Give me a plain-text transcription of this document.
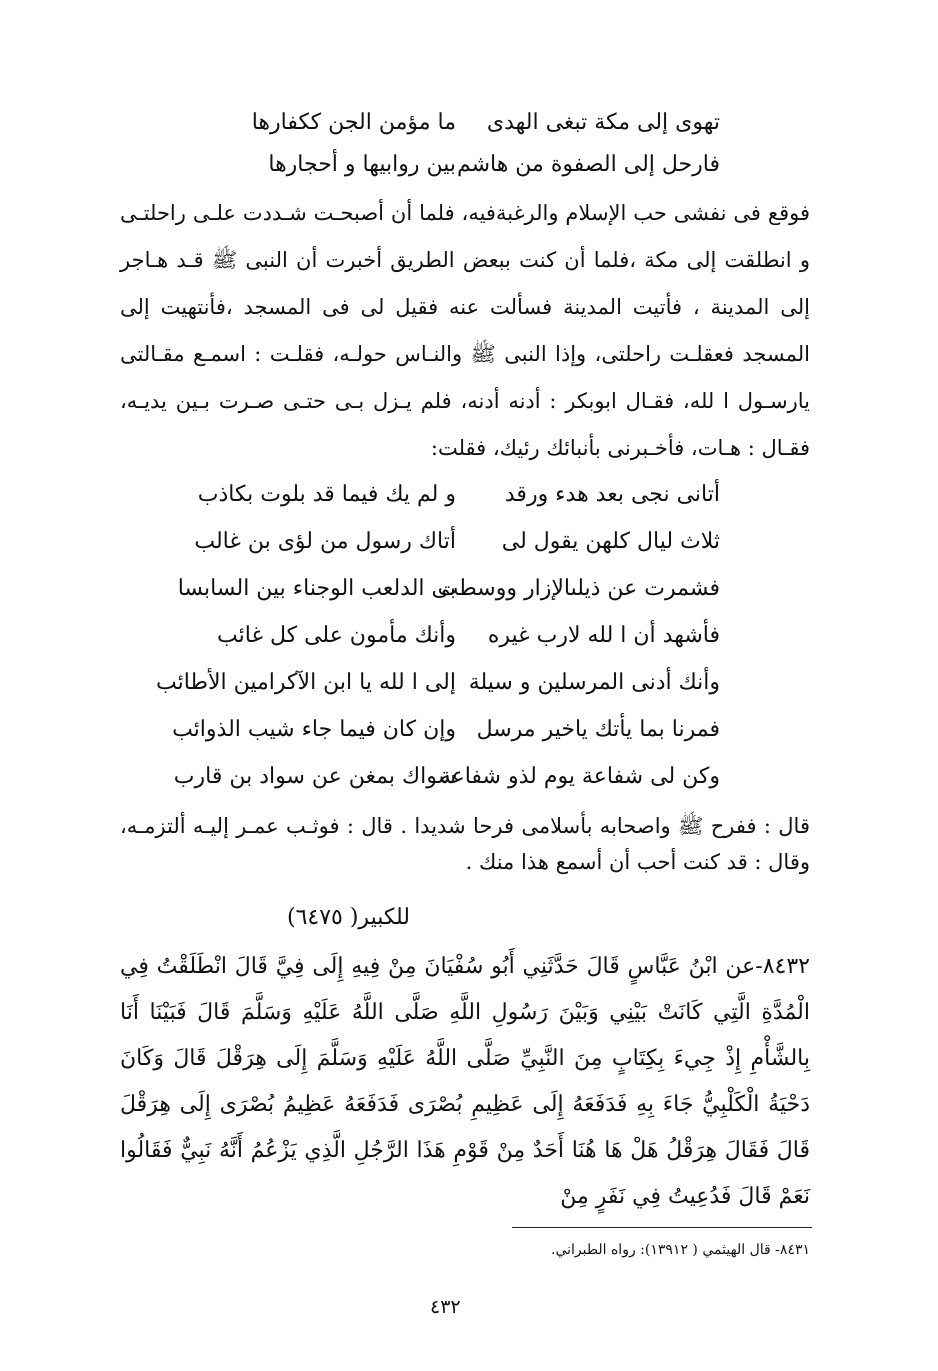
تهوى إلى مكة تبغى الهدى
ما مؤمن الجن ككفارها
فارحل إلى الصفوة من هاشم
بين روابيها و أحجارها
فوقع فى نفشى حب الإسلام والرغبةفيه، فلما أن أصبحـت شـددت علـى راحلتـى و انطلقت إلى مكة ،فلما أن كنت ببعض الطريق أخبرت أن النبى ﷺ قـد هـاجر إلى المدينة ، فأتيت المدينة فسألت عنه فقيل لى فى المسجد ،فأنتهيت إلى المسجد فعقلـت راحلتى، وإذا النبى ﷺ والنـاس حولـه، فقلـت : اسمـع مقـالتى يارسـول ا لله، فقـال ابوبكر : أدنه أدنه، فلم يـزل بـى حتـى صـرت بـين يديـه، فقـال : هـات، فأخـبرنى بأنبائك رئيك، فقلت:
أتانى نجى بعد هدء ورقد
و لم يك فيما قد بلوت بكاذب
ثلاث ليال كلهن يقول لى
أتاك رسول من لؤى بن غالب
فشمرت عن ذيلىالإزار ووسطت
بى الدلعب الوجناء بين السابسا
فأشهد أن ا لله لارب غيره
وأنك مأمون على كل غائب
وأنك أدنى المرسلين و سيلة
إلى ا لله يا ابن الآكرامين الأطائب
فمرنا بما يأتك ياخير مرسل
وإن كان فيما جاء شيب الذوائب
وكن لى شفاعة يوم لذو شفاعة
سواك بمغن عن سواد بن قارب
قال : ففرح ﷺ واصحابه بأسلامى فرحا شديدا . قال : فوثـب عمـر إليـه ألتزمـه، وقال : قد كنت أحب أن أسمع هذا منك .
للكبير( ٦٤٧٥)
٨٤٣٢-عن ابْنُ عَبَّاسٍ قَالَ حَدَّثَنِي أَبُو سُفْيَانَ مِنْ فِيهِ إِلَى فِيَّ قَالَ انْطَلَقْتُ فِي الْمُدَّةِ الَّتِي كَانَتْ بَيْنِي وَبَيْنَ رَسُولِ اللَّهِ صَلَّى اللَّهُ عَلَيْهِ وَسَلَّمَ قَالَ فَبَيْنَا أَنَا بِالشَّأْمِ إِذْ جِيءَ بِكِتَابٍ مِنَ النَّبِيِّ صَلَّى اللَّهُ عَلَيْهِ وَسَلَّمَ إِلَى هِرَقْلَ قَالَ وَكَانَ دَحْيَةُ الْكَلْبِيُّ جَاءَ بِهِ فَدَفَعَهُ إِلَى عَظِيمِ بُصْرَى فَدَفَعَهُ عَظِيمُ بُصْرَى إِلَى هِرَقْلَ قَالَ فَقَالَ هِرَقْلُ هَلْ هَا هُنَا أَحَدٌ مِنْ قَوْمِ هَذَا الرَّجُلِ الَّذِي يَزْعُمُ أَنَّهُ نَبِيٌّ فَقَالُوا نَعَمْ قَالَ فَدُعِيتُ فِي نَفَرٍ مِنْ
٨٤٣١- قال الهيثمي ( ١٣٩١٢): رواه الطبراني.
٤٣٢
